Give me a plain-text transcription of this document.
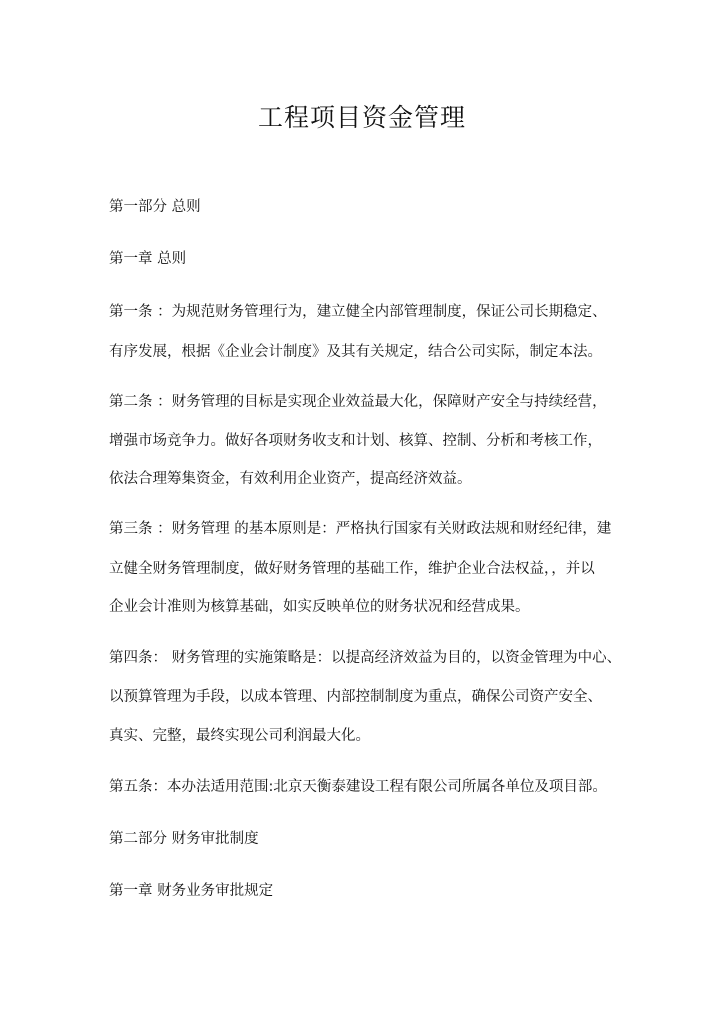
工程项目资金管理
第一部分 总则
第一章 总则
第一条 ：为规范财务管理行为，建立健全内部管理制度，保证公司长期稳定、
有序发展，根据《企业会计制度》及其有关规定，结合公司实际，制定本法。
第二条 ：财务管理的目标是实现企业效益最大化，保障财产安全与持续经营，
增强市场竞争力。做好各项财务收支和计划、核算、控制、分析和考核工作，
依法合理筹集资金，有效利用企业资产，提高经济效益。
第三条 ：财务管理 的基本原则是：严格执行国家有关财政法规和财经纪律，建
立健全财务管理制度，做好财务管理的基础工作，维护企业合法权益，，并以
企业会计准则为核算基础，如实反映单位的财务状况和经营成果。
第四条： 财务管理的实施策略是：以提高经济效益为目的，以资金管理为中心、
以预算管理为手段，以成本管理、内部控制制度为重点，确保公司资产安全、
真实、完整，最终实现公司利润最大化。
第五条：本办法适用范围:北京天衡泰建设工程有限公司所属各单位及项目部。
第二部分 财务审批制度
第一章 财务业务审批规定
